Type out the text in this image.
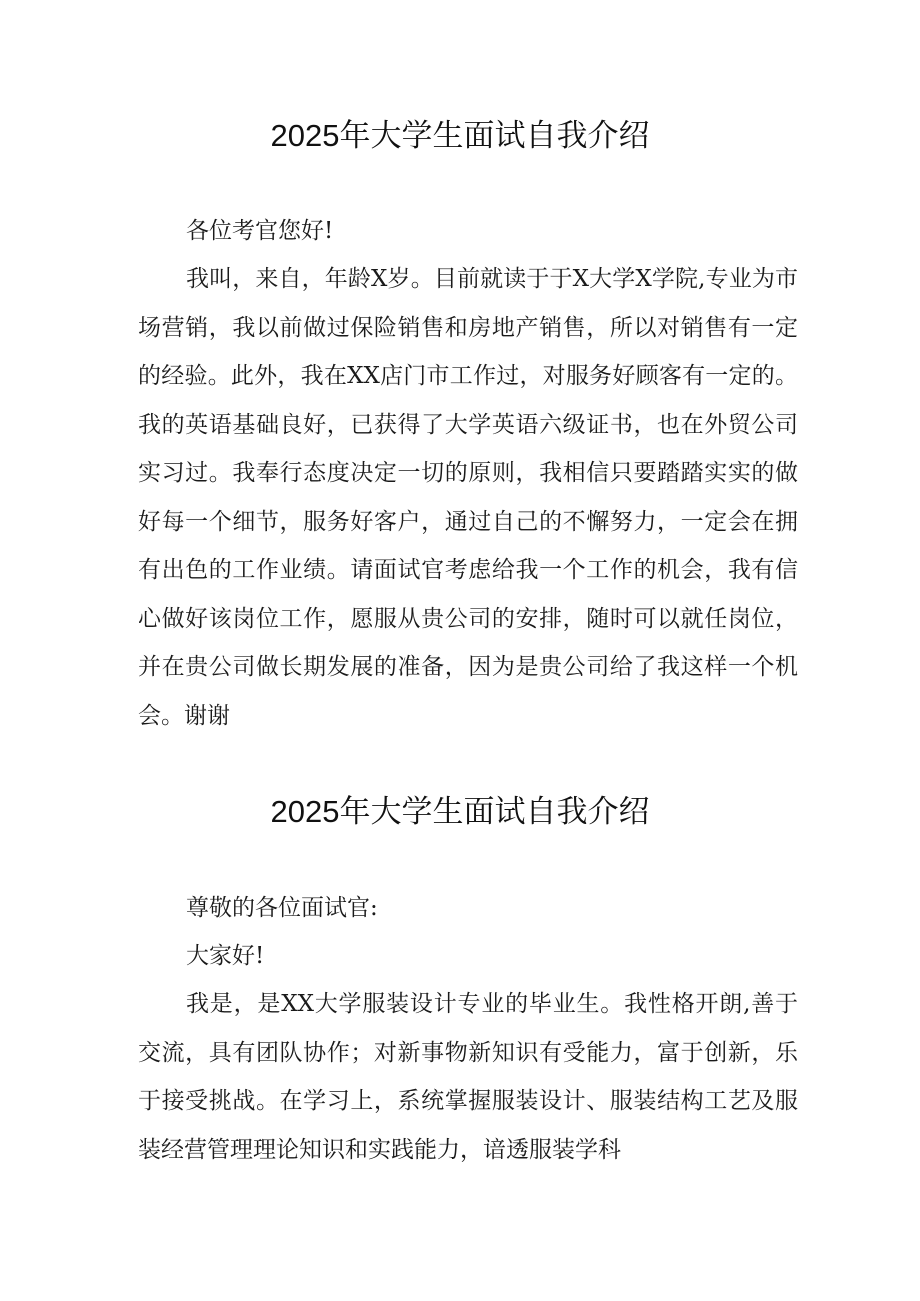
2025年大学生面试自我介绍

各位考官您好!

我叫，来自，年龄X岁。目前就读于于X大学X学院,专业为市场营销，我以前做过保险销售和房地产销售，所以对销售有一定的经验。此外，我在XX店门市工作过，对服务好顾客有一定的。我的英语基础良好，已获得了大学英语六级证书，也在外贸公司实习过。我奉行态度决定一切的原则，我相信只要踏踏实实的做好每一个细节，服务好客户，通过自己的不懈努力，一定会在拥有出色的工作业绩。请面试官考虑给我一个工作的机会，我有信心做好该岗位工作，愿服从贵公司的安排，随时可以就任岗位，并在贵公司做长期发展的准备，因为是贵公司给了我这样一个机会。谢谢

2025年大学生面试自我介绍

尊敬的各位面试官:

大家好!

我是，是XX大学服装设计专业的毕业生。我性格开朗,善于交流，具有团队协作；对新事物新知识有受能力，富于创新，乐于接受挑战。在学习上，系统掌握服装设计、服装结构工艺及服装经营管理理论知识和实践能力，谙透服装学科
